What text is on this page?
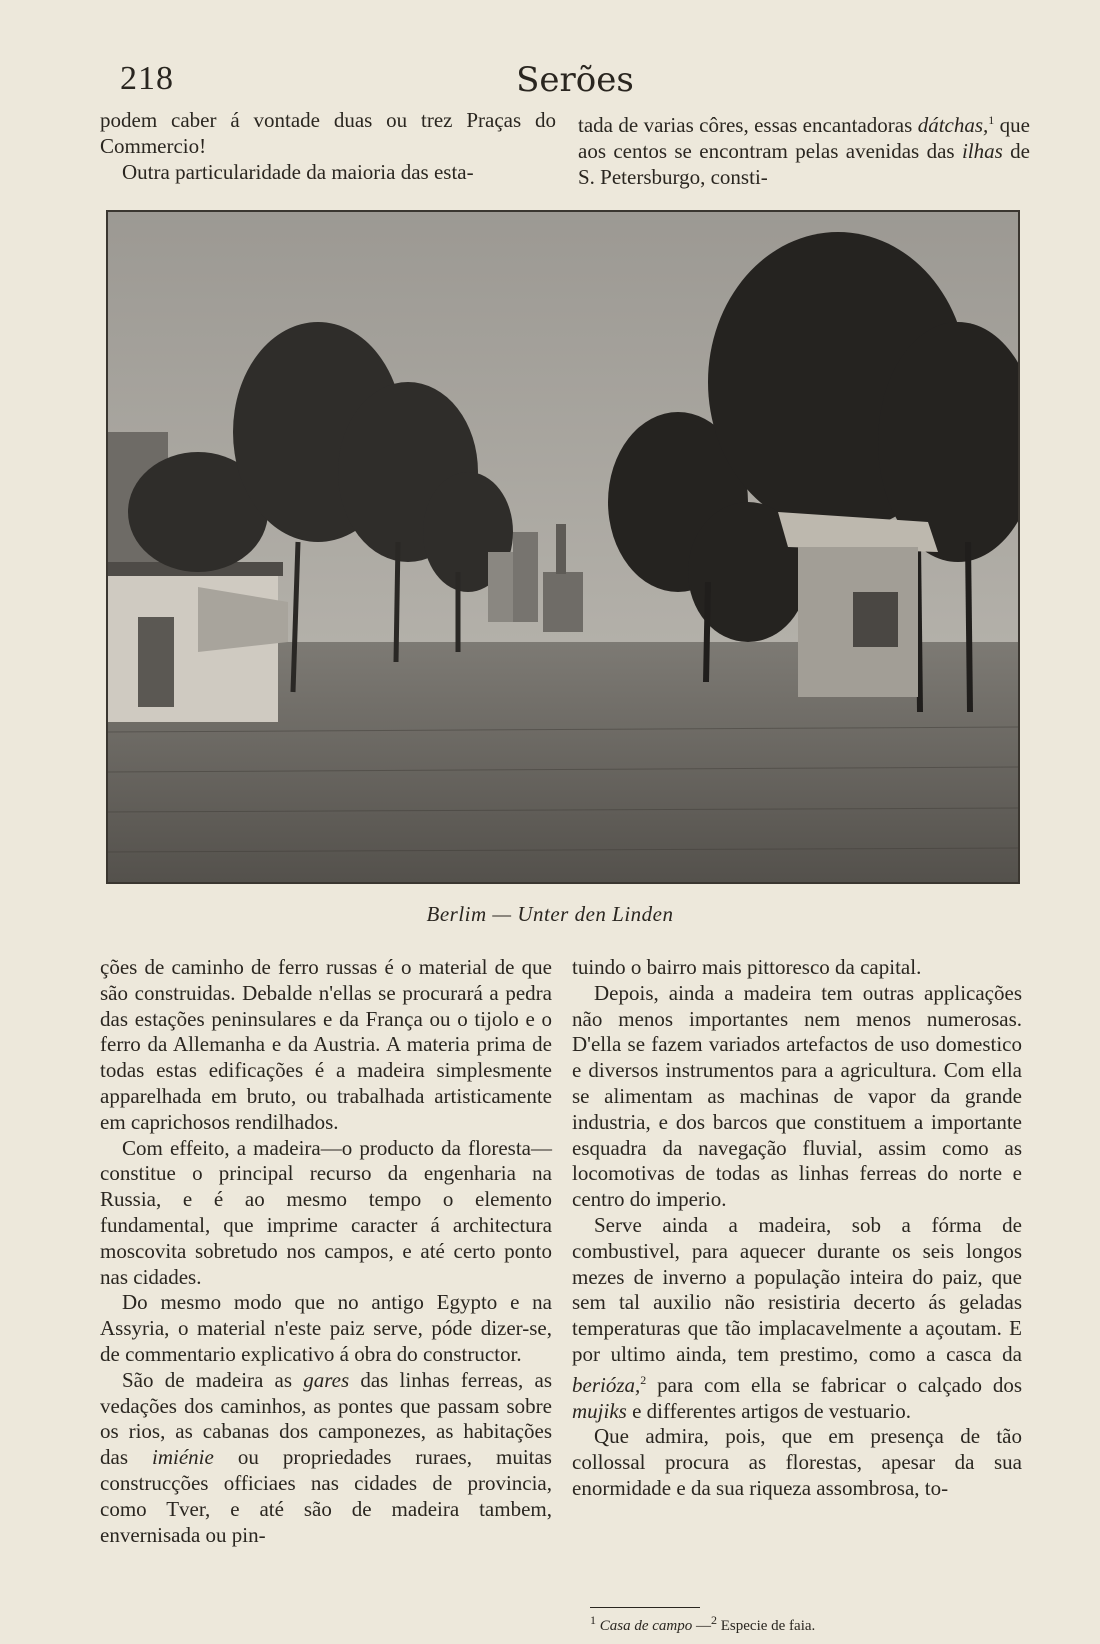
218	Serões

podem caber á vontade duas ou trez Praças do Commercio!

Outra particularidade da maioria das esta-

tada de varias côres, essas encantadoras dátchas,$^1$ que aos centos se encontram pelas avenidas das ilhas de S. Petersburgo, consti-

Berlim — Unter den Linden

ções de caminho de ferro russas é o material de que são construidas. Debalde n'ellas se procurará a pedra das estações peninsulares e da França ou o tijolo e o ferro da Allemanha e da Austria. A materia prima de todas estas edificações é a madeira simplesmente apparelhada em bruto, ou trabalhada artisticamente em caprichosos rendilhados.

Com effeito, a madeira—o producto da floresta—constitue o principal recurso da engenharia na Russia, e é ao mesmo tempo o elemento fundamental, que imprime caracter á architectura moscovita sobretudo nos campos, e até certo ponto nas cidades.

Do mesmo modo que no antigo Egypto e na Assyria, o material n'este paiz serve, póde dizer-se, de commentario explicativo á obra do constructor.

São de madeira as gares das linhas ferreas, as vedações dos caminhos, as pontes que passam sobre os rios, as cabanas dos camponezes, as habitações das imiénie ou propriedades ruraes, muitas construcções officiaes nas cidades de provincia, como Tver, e até são de madeira tambem, envernisada ou pin-

tuindo o bairro mais pittoresco da capital.

Depois, ainda a madeira tem outras applicações não menos importantes nem menos numerosas. D'ella se fazem variados artefactos de uso domestico e diversos instrumentos para a agricultura. Com ella se alimentam as machinas de vapor da grande industria, e dos barcos que constituem a importante esquadra da navegação fluvial, assim como as locomotivas de todas as linhas ferreas do norte e centro do imperio.

Serve ainda a madeira, sob a fórma de combustivel, para aquecer durante os seis longos mezes de inverno a população inteira do paiz, que sem tal auxilio não resistiria decerto ás geladas temperaturas que tão implacavelmente a açoutam. E por ultimo ainda, tem prestimo, como a casca da berióza,$^2$ para com ella se fabricar o calçado dos mujiks e differentes artigos de vestuario.

Que admira, pois, que em presença de tão collossal procura as florestas, apesar da sua enormidade e da sua riqueza assombrosa, to-

$^1$ Casa de campo —$^2$ Especie de faia.
